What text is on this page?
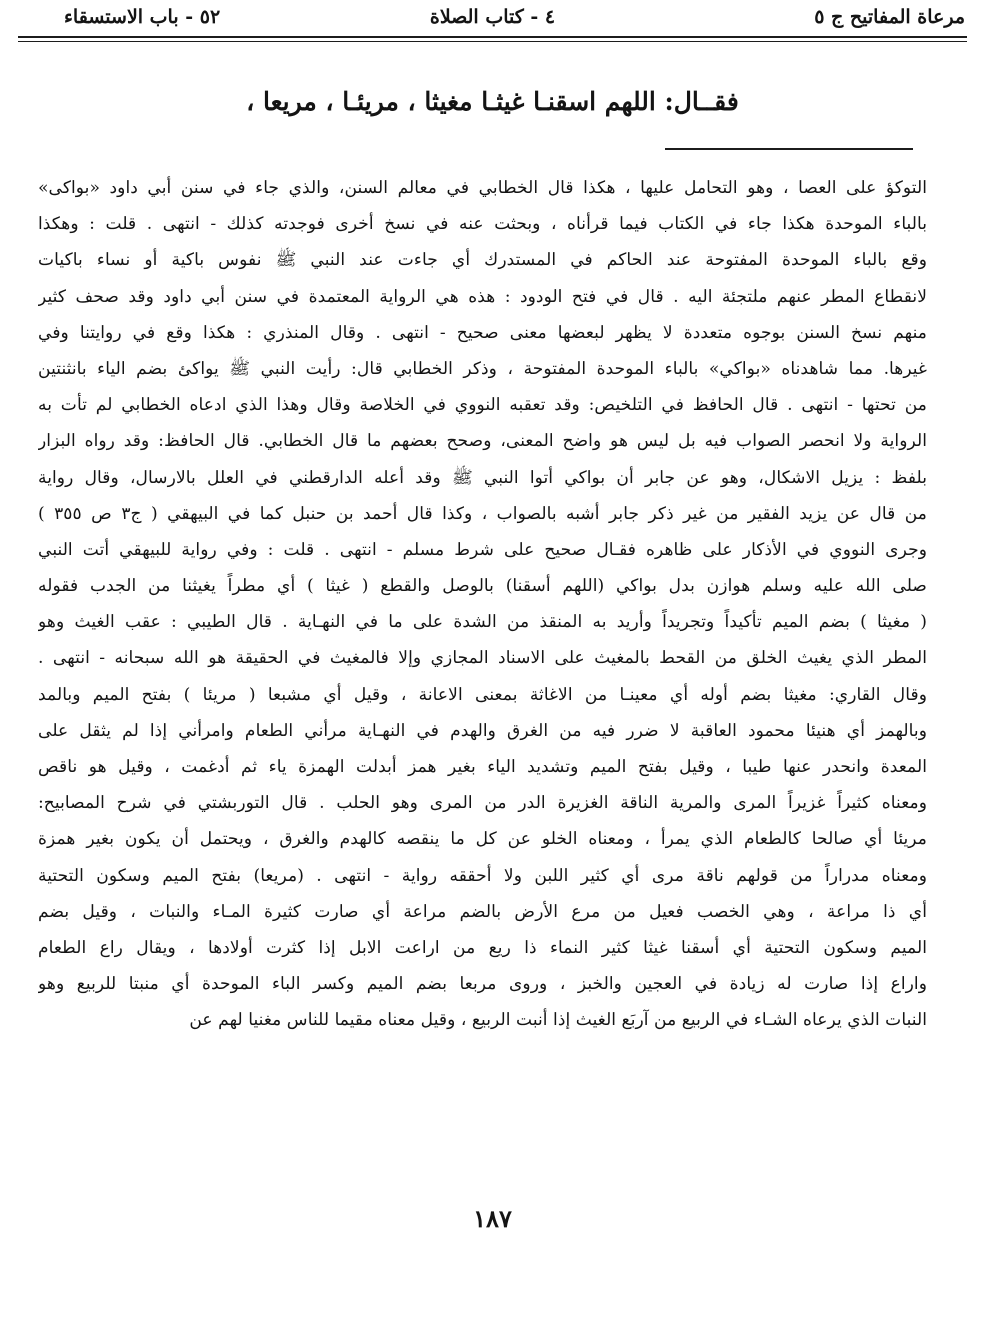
مرعاة المفاتيح ج ٥
٤ - كتاب الصلاة
٥٢ - باب الاستسقاء
فقــال: اللهم اسقنـا غيثـا مغيثا ، مريئـا ، مريعا ،
التوكؤ على العصا ، وهو التحامل عليها ، هكذا قال الخطابي في معالم السنن، والذي جاء في سنن أبي داود «بواكى»
بالباء الموحدة هكذا جاء في الكتاب فيما قرأناه ، وبحثت عنه في نسخ أخرى فوجدته كذلك - انتهى . قلت : وهكذا
وقع بالباء الموحدة المفتوحة عند الحاكم في المستدرك أي جاءت عند النبي ﷺ نفوس باكية أو نساء باكيات
لانقطاع المطر عنهم ملتجئة اليه . قال في فتح الودود : هذه هي الرواية المعتمدة في سنن أبي داود وقد صحف كثير
منهم نسخ السنن بوجوه متعددة لا يظهر لبعضها معنى صحيح - انتهى . وقال المنذري : هكذا وقع في روايتنا وفي
غيرها. مما شاهدناه «بواكي» بالباء الموحدة المفتوحة ، وذكر الخطابي قال: رأيت النبي ﷺ يواكئ بضم الياء بانثنتين
من تحتها - انتهى . قال الحافظ في التلخيص: وقد تعقبه النووي في الخلاصة وقال وهذا الذي ادعاه الخطابي لم تأت به
الرواية ولا انحصر الصواب فيه بل ليس هو واضح المعنى، وصحح بعضهم ما قال الخطابي. قال الحافظ: وقد رواه البزار
بلفظ : يزيل الاشكال، وهو عن جابر أن بواكي أتوا النبي ﷺ وقد أعله الدارقطني في العلل بالارسال، وقال رواية
من قال عن يزيد الفقير من غير ذكر جابر أشبه بالصواب ، وكذا قال أحمد بن حنبل كما في البيهقي ( ج٣ ص ٣٥٥ )
وجرى النووي في الأذكار على ظاهره فقـال صحيح على شرط مسلم - انتهى . قلت : وفي رواية للبيهقي أتت النبي
صلى الله عليه وسلم هوازن بدل بواكي (اللهم أسقنا) بالوصل والقطع ( غيثا ) أي مطراً يغيثنا من الجدب فقوله
( مغيثا ) بضم الميم تأكيداً وتجريداً وأريد به المنقذ من الشدة على ما في النهـاية . قال الطيبي : عقب الغيث وهو
المطر الذي يغيث الخلق من القحط بالمغيث على الاسناد المجازي وإلا فالمغيث في الحقيقة هو الله سبحانه - انتهى .
وقال القاري: مغيثا بضم أوله أي معينـا من الاغاثة بمعنى الاعانة ، وقيل أي مشبعا ( مريئا ) بفتح الميم وبالمد
وبالهمز أي هنيئا محمود العاقبة لا ضرر فيه من الغرق والهدم في النهـاية مرأني الطعام وامرأني إذا لم يثقل على
المعدة وانحدر عنها طيبا ، وقيل بفتح الميم وتشديد الياء بغير همز أبدلت الهمزة ياء ثم أدغمت ، وقيل هو ناقص
ومعناه كثيراً غزيراً المرى والمرية الناقة الغزيرة الدر من المرى وهو الحلب . قال التوربشتي في شرح المصابيح:
مريئا أي صالحا كالطعام الذي يمرأ ، ومعناه الخلو عن كل ما ينقصه كالهدم والغرق ، ويحتمل أن يكون بغير همزة
ومعناه مدراراً من قولهم ناقة مرى أي كثير اللبن ولا أحققه رواية - انتهى . (مريعا) بفتح الميم وسكون التحتية
أي ذا مراعة ، وهي الخصب فعيل من مرع الأرض بالضم مراعة أي صارت كثيرة المـاء والنبات ، وقيل بضم
الميم وسكون التحتية أي أسقنا غيثا كثير النماء ذا ريع من اراعت الابل إذا كثرت أولادها ، ويقال راع الطعام
واراع إذا صارت له زيادة في العجين والخبز ، وروى مربعا بضم الميم وكسر الباء الموحدة أي منبتا للربيع وهو
النبات الذي يرعاه الشـاء في الربيع من آربَع الغيث إذا أنبت الربيع ، وقيل معناه مقيما للناس مغنيا لهم عن
١٨٧
